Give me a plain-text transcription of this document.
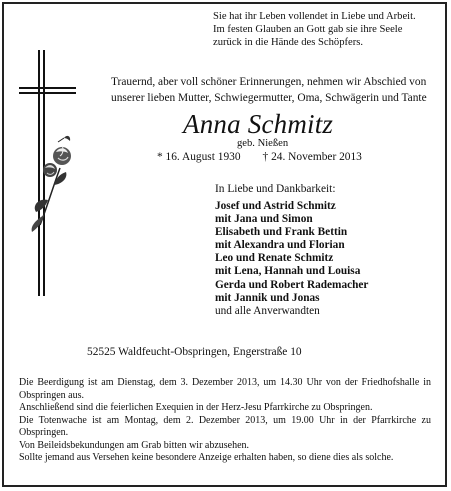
Sie hat ihr Leben vollendet in Liebe und Arbeit.
Im festen Glauben an Gott gab sie ihre Seele
zurück in die Hände des Schöpfers.
Trauernd, aber voll schöner Erinnerungen, nehmen wir Abschied von
unserer lieben Mutter, Schwiegermutter, Oma, Schwägerin und Tante
Anna Schmitz
geb. Nießen
* 16. August 1930 † 24. November 2013
In Liebe und Dankbarkeit:
Josef und Astrid Schmitz
mit Jana und Simon
Elisabeth und Frank Bettin
mit Alexandra und Florian
Leo und Renate Schmitz
mit Lena, Hannah und Louisa
Gerda und Robert Rademacher
mit Jannik und Jonas
und alle Anverwandten
52525 Waldfeucht-Obspringen, Engerstraße 10

Die Beerdigung ist am Dienstag, dem 3. Dezember 2013, um 14.30 Uhr von der Friedhofshalle in Obspringen aus.

Anschließend sind die feierlichen Exequien in der Herz-Jesu Pfarrkirche zu Obspringen.

Die Totenwache ist am Montag, dem 2. Dezember 2013, um 19.00 Uhr in der Pfarrkirche zu Obspringen.

Von Beileidsbekundungen am Grab bitten wir abzusehen.

Sollte jemand aus Versehen keine besondere Anzeige erhalten haben, so diene dies als solche.
